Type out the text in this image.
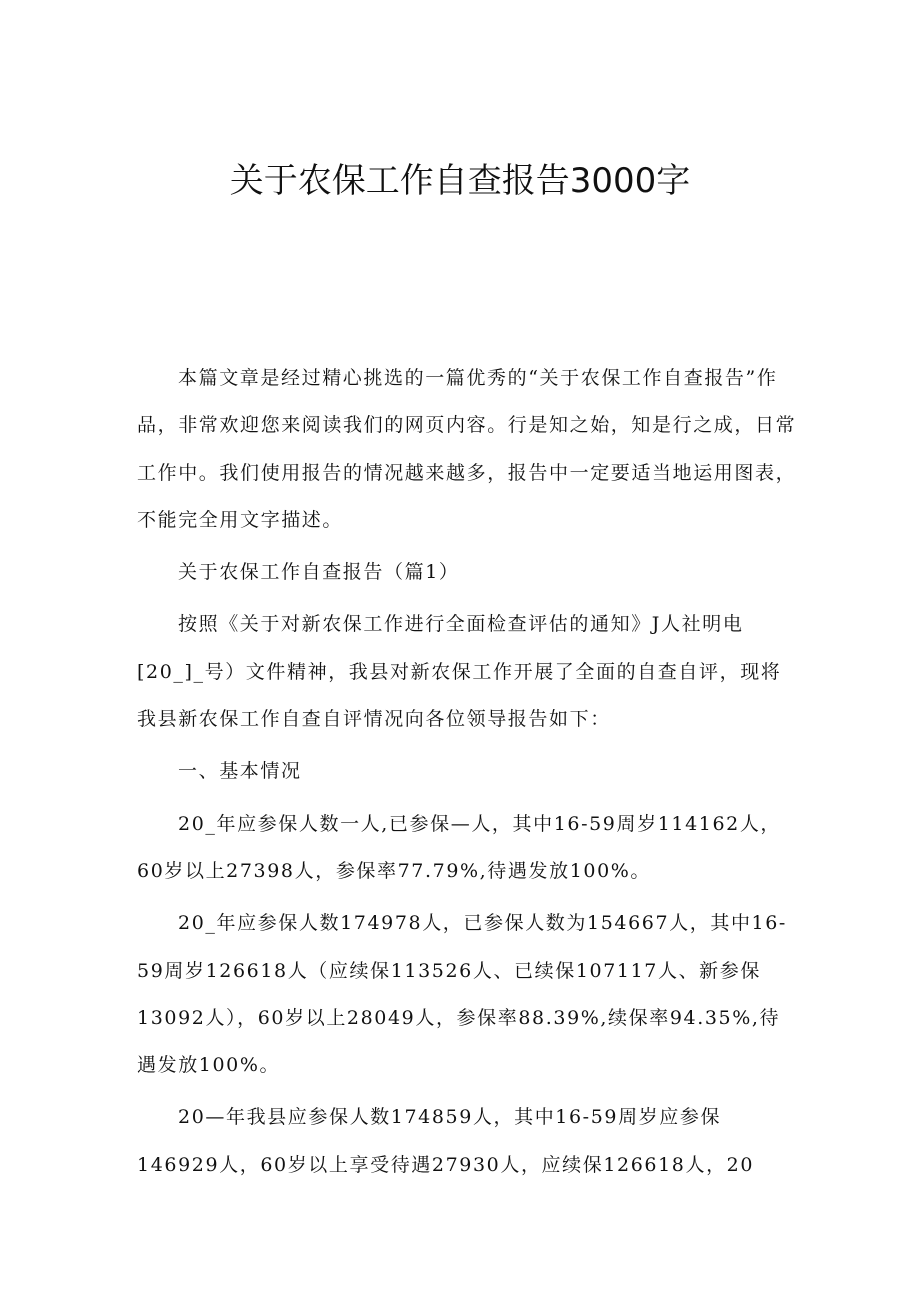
关于农保工作自查报告3000字

本篇文章是经过精心挑选的一篇优秀的“关于农保工作自查报告”作品，非常欢迎您来阅读我们的网页内容。行是知之始，知是行之成，日常工作中。我们使用报告的情况越来越多，报告中一定要适当地运用图表，不能完全用文字描述。

关于农保工作自查报告（篇1）

按照《关于对新农保工作进行全面检查评估的通知》J人社明电[20_]_号）文件精神，我县对新农保工作开展了全面的自查自评，现将我县新农保工作自查自评情况向各位领导报告如下：

一、基本情况

20_年应参保人数一人,已参保—人，其中16-59周岁114162人，60岁以上27398人，参保率77.79%,待遇发放100%。

20_年应参保人数174978人，已参保人数为154667人，其中16-59周岁126618人（应续保113526人、已续保107117人、新参保13092人），60岁以上28049人，参保率88.39%,续保率94.35%,待遇发放100%。

20—年我县应参保人数174859人，其中16-59周岁应参保146929人，60岁以上享受待遇27930人，应续保126618人，20
